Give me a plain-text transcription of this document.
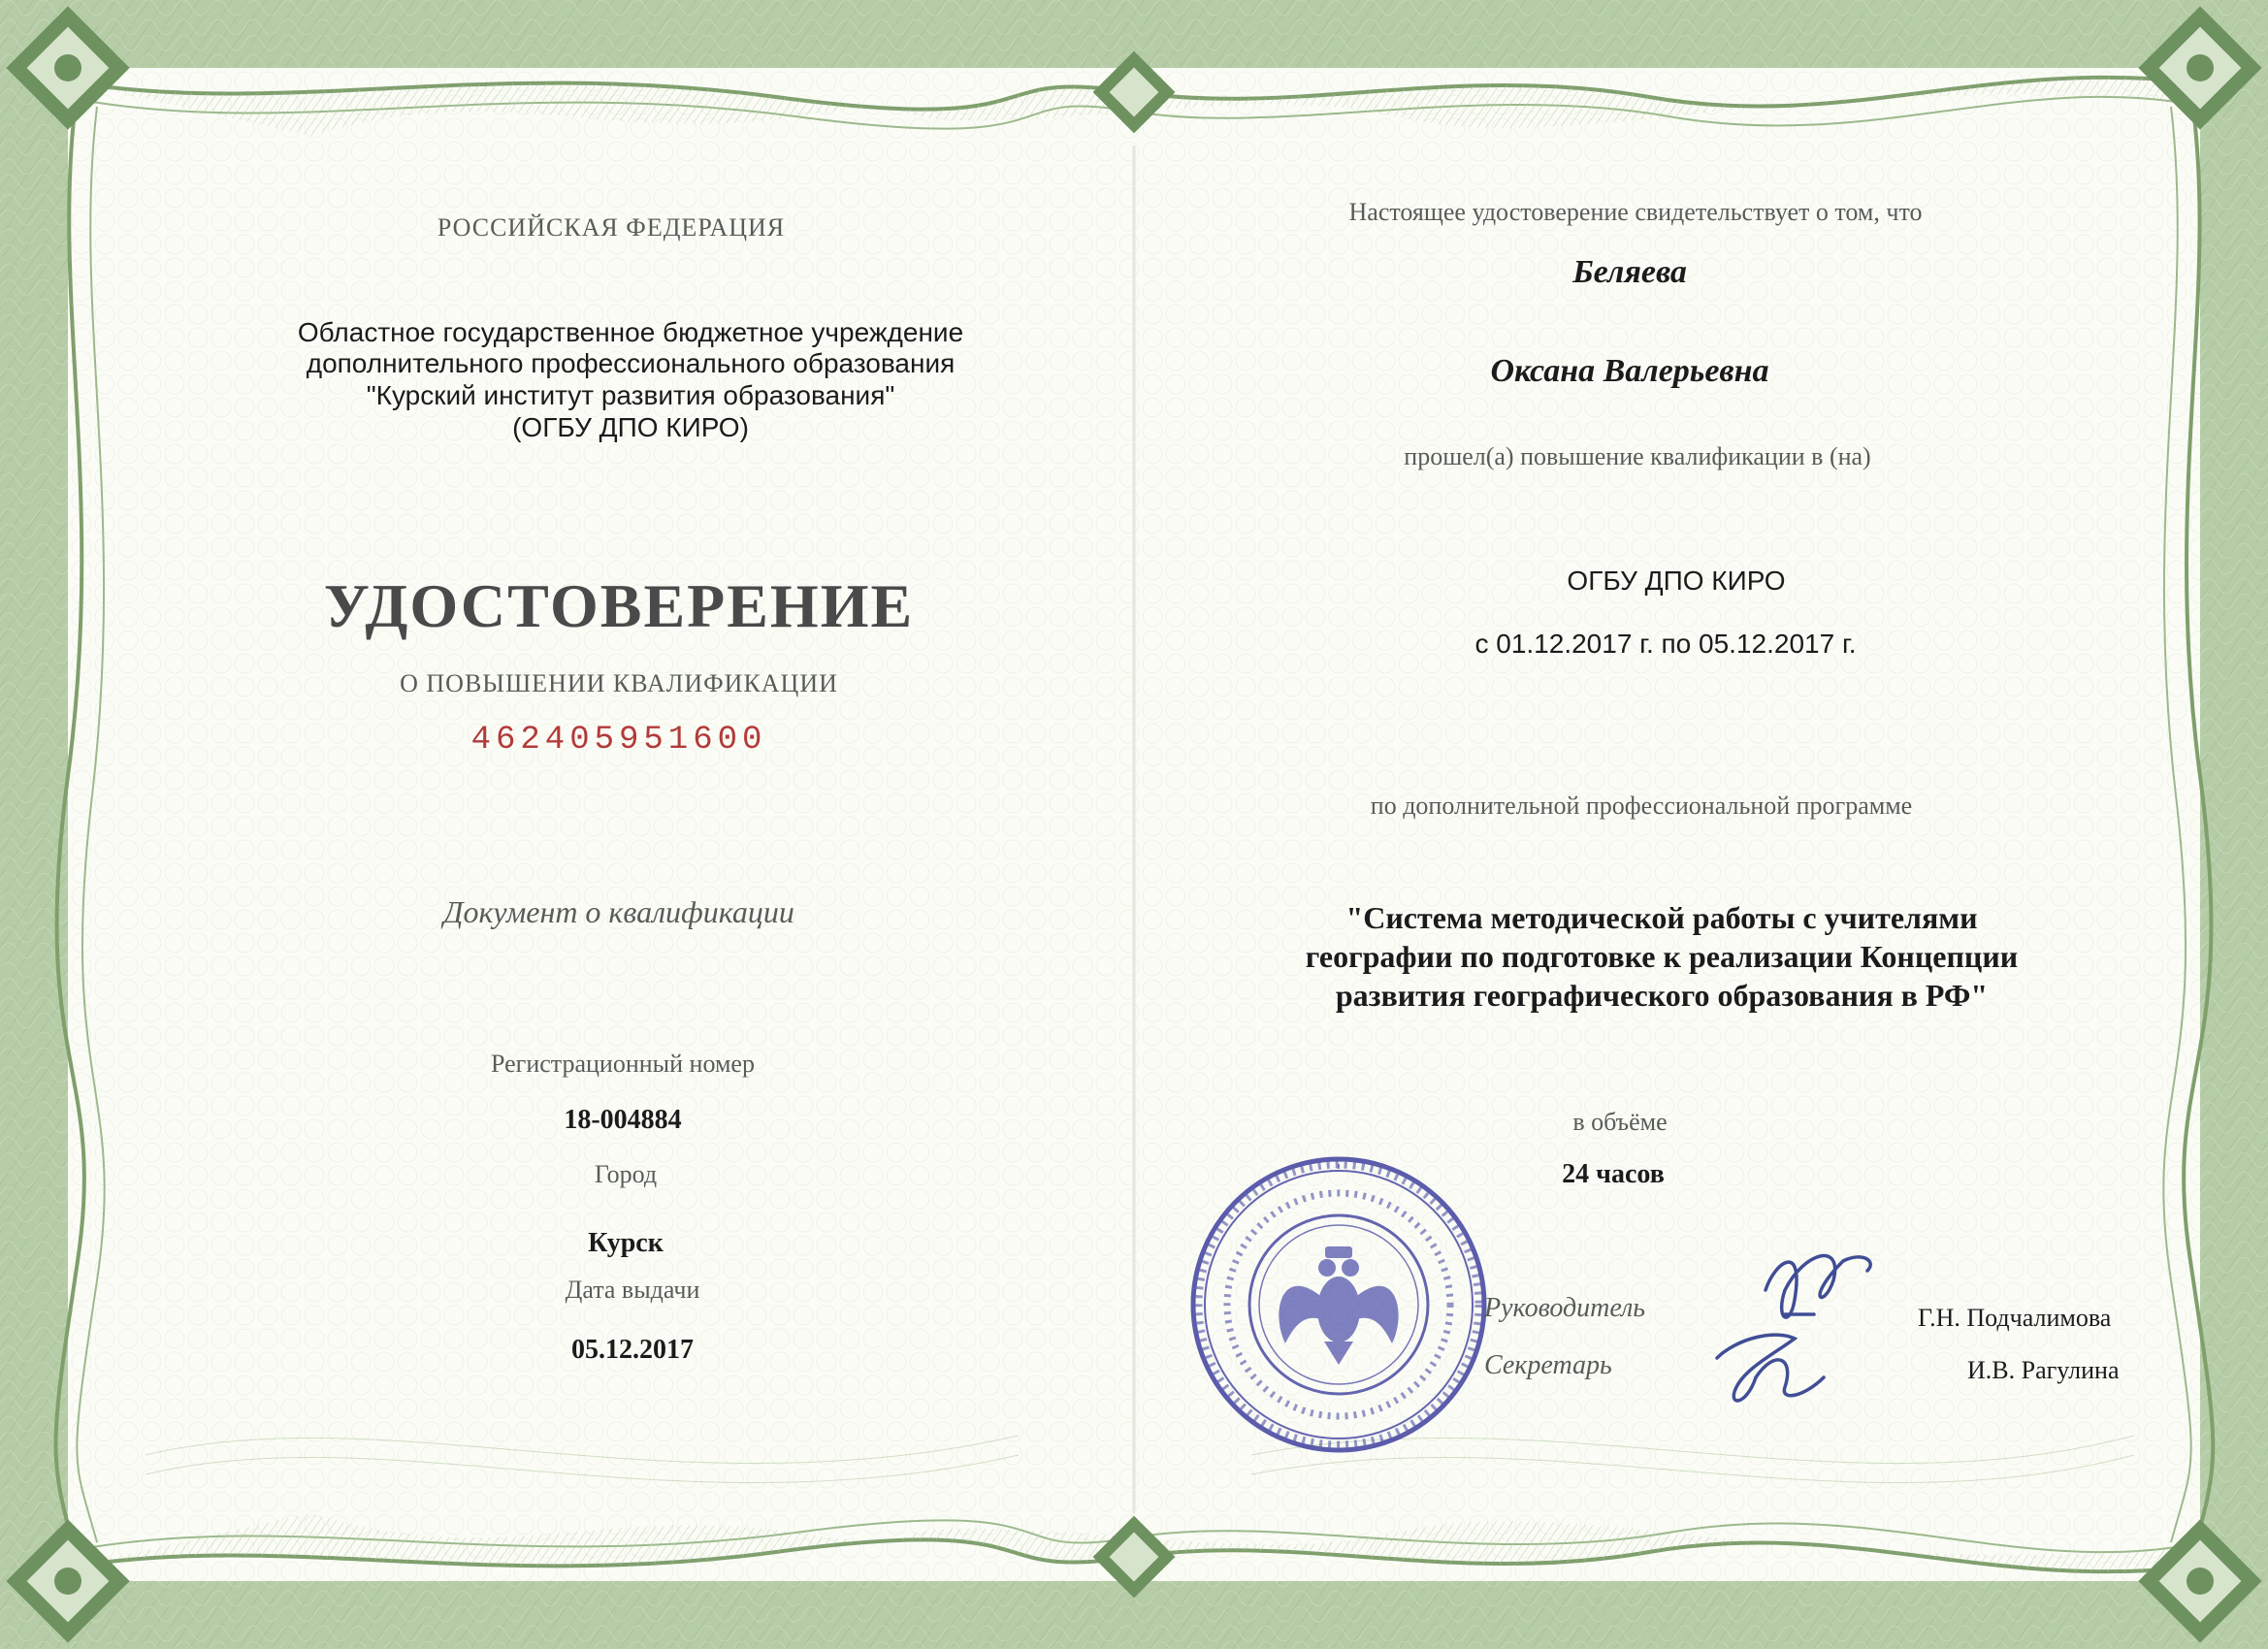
РОССИЙСКАЯ ФЕДЕРАЦИЯ
Областное государственное бюджетное учреждение
дополнительного профессионального образования
"Курский институт развития образования"
(ОГБУ ДПО КИРО)
УДОСТОВЕРЕНИЕ
О ПОВЫШЕНИИ КВАЛИФИКАЦИИ
462405951600
Документ о квалификации
Регистрационный номер
18-004884
Город
Курск
Дата выдачи
05.12.2017
Настоящее удостоверение свидетельствует о том, что
Беляева
Оксана Валерьевна
прошел(а) повышение квалификации в (на)
ОГБУ ДПО КИРО
с 01.12.2017 г. по 05.12.2017 г.
по дополнительной профессиональной программе
"Система методической работы с учителями
географии по подготовке к реализации Концепции
развития географического образования в РФ"
в объёме
24 часов
Руководитель
Секретарь
Г.Н. Подчалимова
И.В. Рагулина
